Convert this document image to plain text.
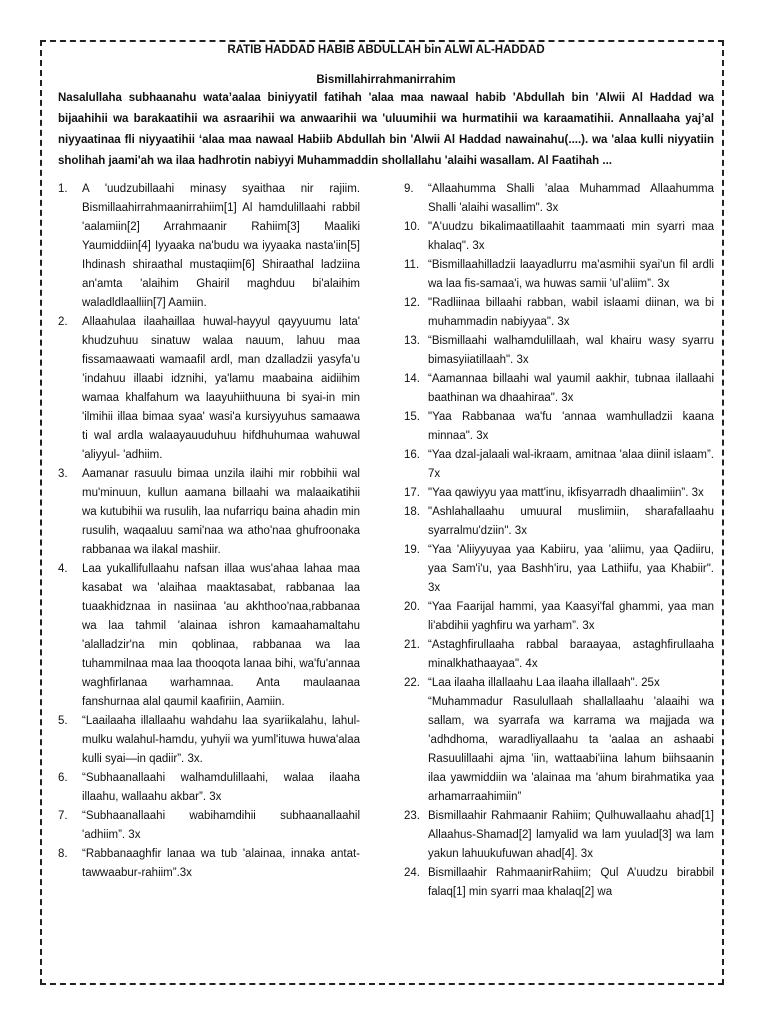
RATIB HADDAD HABIB ABDULLAH bin ALWI AL-HADDAD
Bismillahirrahmanirrahim
Nasalullaha subhaanahu wata’aalaa biniyyatil fatihah 'alaa maa nawaal habib 'Abdullah bin 'Alwii Al Haddad wa bijaahihii wa barakaatihii wa asraarihii wa anwaarihii wa 'uluumihii wa hurmatihii wa karaamatihii. Annallaaha yaj’al niyyaatinaa fli niyyaatihii ‘alaa maa nawaal Habiib Abdullah bin 'Alwii Al Haddad nawainahu(....). wa 'alaa kulli niyyatiin sholihah jaami'ah wa ilaa hadhrotin nabiyyi Muhammaddin shollallahu 'alaihi wasallam. Al Faatihah ...
1.	A 'uudzubillaahi minasy syaithaa nir rajiim. Bismillaahirrahmaanirrahiim[1] Al hamdulillaahi rabbil 'aalamiin[2] Arrahmaanir Rahiim[3] Maaliki Yaumiddiin[4] Iyyaaka na'budu wa iyyaaka nasta'iin[5] Ihdinash shiraathal mustaqiim[6] Shiraathal ladziina an'amta 'alaihim Ghairil maghduu bi'alaihim waladldlaalliin[7] Aamiin.
2.	Allaahulaa ilaahaillaa huwal-hayyul qayyuumu lata' khudzuhuu sinatuw walaa nauum, lahuu maa fissamaawaati wamaafil ardl, man dzalladzii yasyfa’u ’indahuu illaabi idznihi, ya'lamu maabaina aidiihim wamaa khalfahum wa laayuhiithuuna bi syai-in min 'ilmihii illaa bimaa syaa' wasi'a kursiyyuhus samaawa ti wal ardla walaayauuduhuu hifdhuhumaa wahuwal 'aliyyul- 'adhiim.
3.	Aamanar rasuulu bimaa unzila ilaihi mir robbihii wal mu'minuun, kullun aamana billaahi wa malaaikatihii wa kutubihii wa rusulih, laa nufarriqu baina ahadin min rusulih, waqaaluu sami'naa wa atho'naa ghufroonaka rabbanaa wa ilakal mashiir.
4.	Laa yukallifullaahu nafsan illaa wus'ahaa lahaa maa kasabat wa 'alaihaa maaktasabat, rabbanaa laa tuaakhidznaa in nasiinaa 'au akhthoo'naa,rabbanaa wa laa tahmil 'alainaa ishron kamaahamaltahu 'alalladzir'na min qoblinaa, rabbanaa wa laa tuhammilnaa maa laa thooqota lanaa bihi, wa'fu'annaa waghfirlanaa warhamnaa. Anta maulaanaa fanshurnaa alal qaumil kaafiriin, Aamiin.
5.	“Laailaaha illallaahu wahdahu laa syariikalahu, lahul-mulku walahul-hamdu, yuhyii wa yuml'ituwa huwa'alaa kulli syai—in qadiir”. 3x.
6.	“Subhaanallaahi walhamdulillaahi, walaa ilaaha illaahu, wallaahu akbar”. 3x
7.	“Subhaanallaahi wabihamdihii subhaanallaahil 'adhiim”. 3x
8.	“Rabbanaaghfir lanaa wa tub 'alainaa, innaka antat-tawwaabur-rahiim”.3x
9.	“Allaahumma Shalli ’alaa Muhammad Allaahumma Shalli 'alaihi wasallim". 3x
10. "A'uudzu bikalimaatillaahit taammaati min syarri maa khalaq". 3x
11. “Bismillaahilladzii laayadlurru ma'asmihii syai'un fil ardli wa laa fis-samaa'i, wa huwas samii 'ul’aliim”. 3x
12. "Radliinaa billaahi rabban, wabil islaami diinan, wa bi muhammadin nabiyyaa". 3x
13. “Bismillaahi walhamdulillaah, wal khairu wasy syarru bimasyiiatillaah". 3x
14. “Aamannaa billaahi wal yaumil aakhir, tubnaa ilallaahi baathinan wa dhaahiraa". 3x
15. "Yaa Rabbanaa wa'fu 'annaa wamhulladzii kaana minnaa". 3x
16. “Yaa dzal-jalaali wal-ikraam, amitnaa 'alaa diinil islaam”. 7x
17. "Yaa qawiyyu yaa matt'inu, ikfisyarradh dhaalimiin”. 3x
18. "Ashlahallaahu umuural muslimiin, sharafallaahu syarralmu'dziin". 3x
19. “Yaa 'Aliiyyuyaa yaa Kabiiru, yaa ’aliimu, yaa Qadiiru, yaa Sam'i'u, yaa Bashh'iru, yaa Lathiifu, yaa Khabiir". 3x
20. “Yaa Faarijal hammi, yaa Kaasyi'fal ghammi, yaa man li'abdihii yaghfiru wa yarham”. 3x
21. “Astaghfirullaaha rabbal baraayaa, astaghfirullaaha minalkhathaayaa". 4x
22. “Laa ilaaha illallaahu Laa ilaaha illallaah". 25x
“Muhammadur Rasulullaah shallallaahu 'alaaihi wa sallam, wa syarrafa wa karrama wa majjada wa ’adhdhoma, waradliyallaahu ta 'aalaa an ashaabi Rasuulillaahi ajma ’iin, wattaabi'iina lahum biihsaanin ilaa yawmiddiin wa 'alainaa ma 'ahum birahmatika yaa arhamarraahimiin”
23. Bismillaahir Rahmaanir Rahiim; Qulhuwallaahu ahad[1] Allaahus-Shamad[2] lamyalid wa lam yuulad[3] wa lam yakun lahuukufuwan ahad[4]. 3x
24. Bismillaahir RahmaanirRahiim; Qul A’uudzu birabbil falaq[1] min syarri maa khalaq[2] wa
